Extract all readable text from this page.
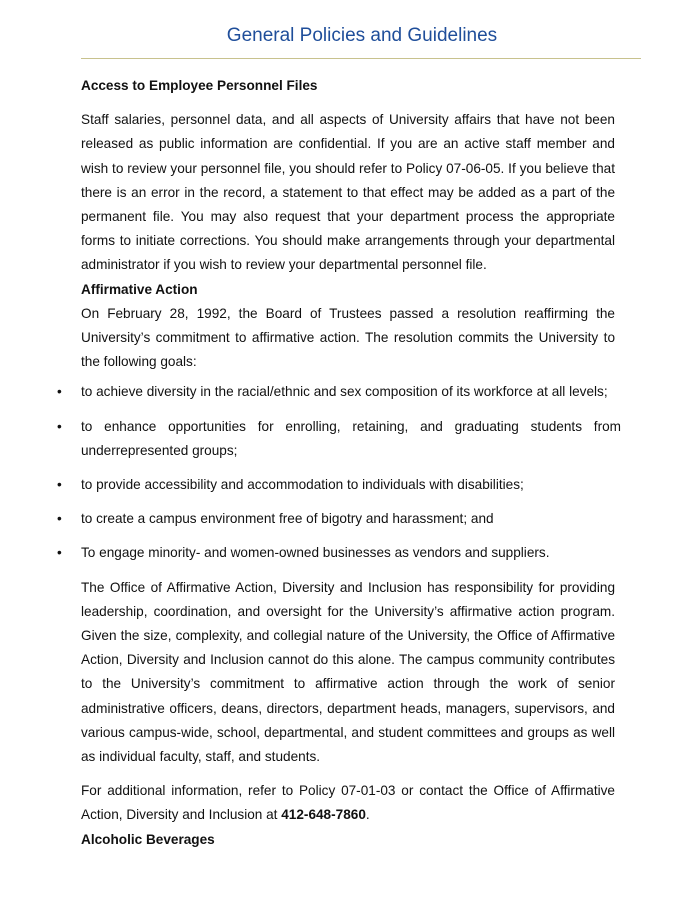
General Policies and Guidelines

Access to Employee Personnel Files

Staff salaries, personnel data, and all aspects of University affairs that have not been released as public information are confidential. If you are an active staff member and wish to review your personnel file, you should refer to Policy 07-06-05. If you believe that there is an error in the record, a statement to that effect may be added as a part of the permanent file. You may also request that your department process the appropriate forms to initiate corrections. You should make arrangements through your departmental administrator if you wish to review your departmental personnel file.

Affirmative Action

On February 28, 1992, the Board of Trustees passed a resolution reaffirming the University’s commitment to affirmative action. The resolution commits the University to the following goals:

• to achieve diversity in the racial/ethnic and sex composition of its workforce at all levels;
• to enhance opportunities for enrolling, retaining, and graduating students from underrepresented groups;
• to provide accessibility and accommodation to individuals with disabilities;
• to create a campus environment free of bigotry and harassment; and
• To engage minority- and women-owned businesses as vendors and suppliers.

The Office of Affirmative Action, Diversity and Inclusion has responsibility for providing leadership, coordination, and oversight for the University’s affirmative action program. Given the size, complexity, and collegial nature of the University, the Office of Affirmative Action, Diversity and Inclusion cannot do this alone. The campus community contributes to the University’s commitment to affirmative action through the work of senior administrative officers, deans, directors, department heads, managers, supervisors, and various campus-wide, school, departmental, and student committees and groups as well as individual faculty, staff, and students.

For additional information, refer to Policy 07-01-03 or contact the Office of Affirmative Action, Diversity and Inclusion at 412-648-7860.

Alcoholic Beverages
